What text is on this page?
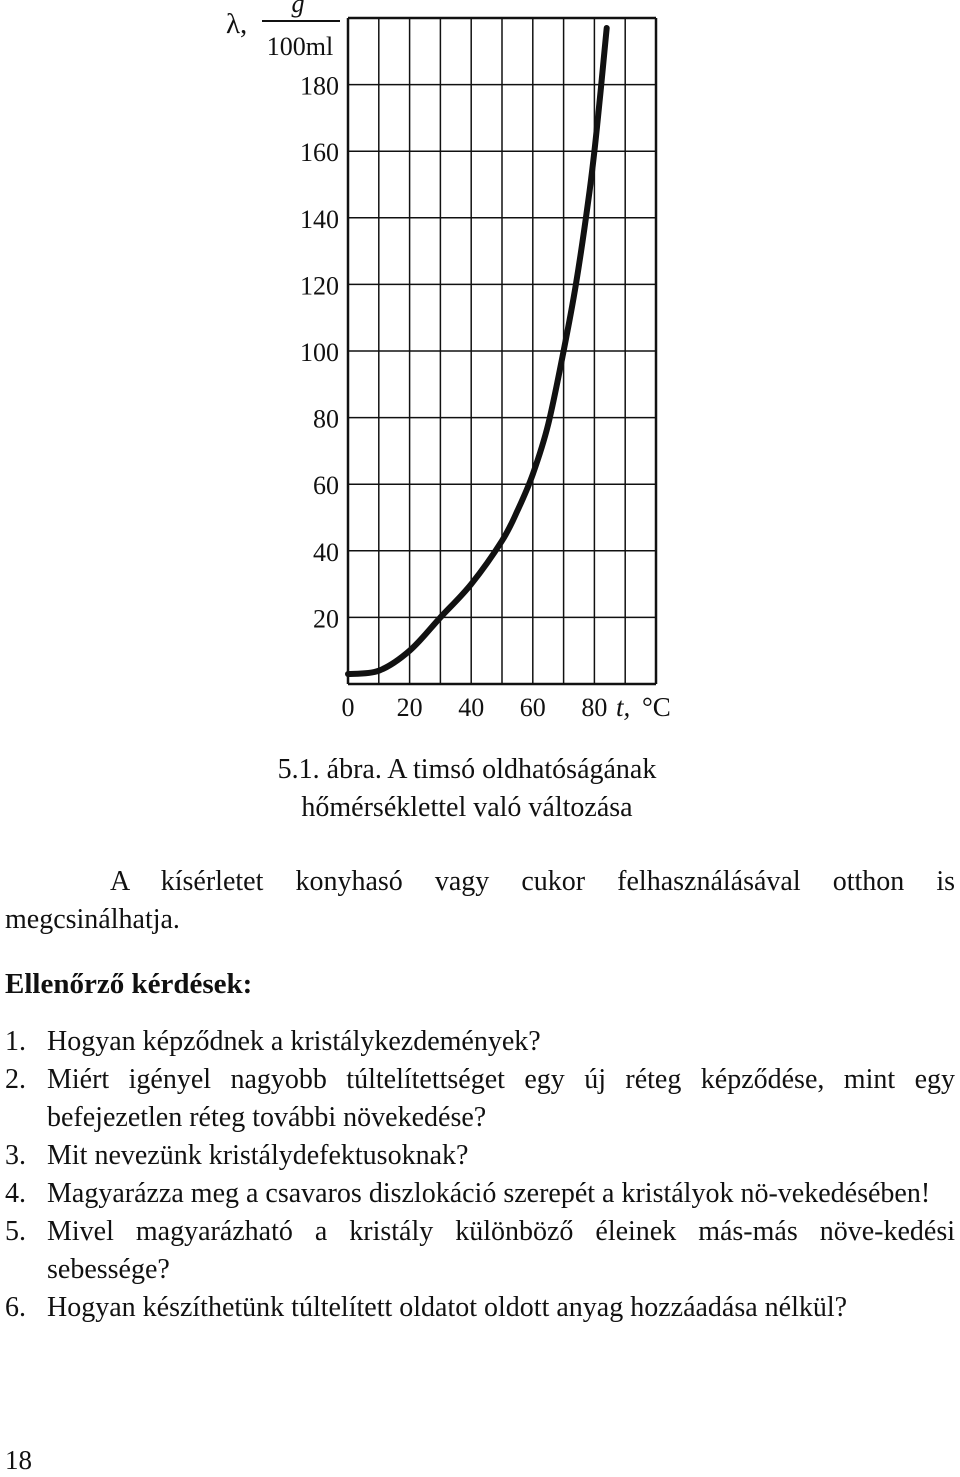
λ,
g
100ml
180
160
140
120
100
80
60
40
20
0 20 40 60 80 t, °C
5.1. ábra. A timsó oldhatóságának
hőmérséklettel való változása
A kísérletet konyhasó vagy cukor felhasználásával otthon is megcsinálhatja.
Ellenőrző kérdések:
1. Hogyan képződnek a kristálykezdemények?
2. Miért igényel nagyobb túltelítettséget egy új réteg képződése, mint egy befejezetlen réteg további növekedése?
3. Mit nevezünk kristálydefektusoknak?
4. Magyarázza meg a csavaros diszlokáció szerepét a kristályok nö-vekedésében!
5. Mivel magyarázható a kristály különböző éleinek más-más növe-kedési sebessége?
6. Hogyan készíthetünk túltelített oldatot oldott anyag hozzáadása nélkül?
18
